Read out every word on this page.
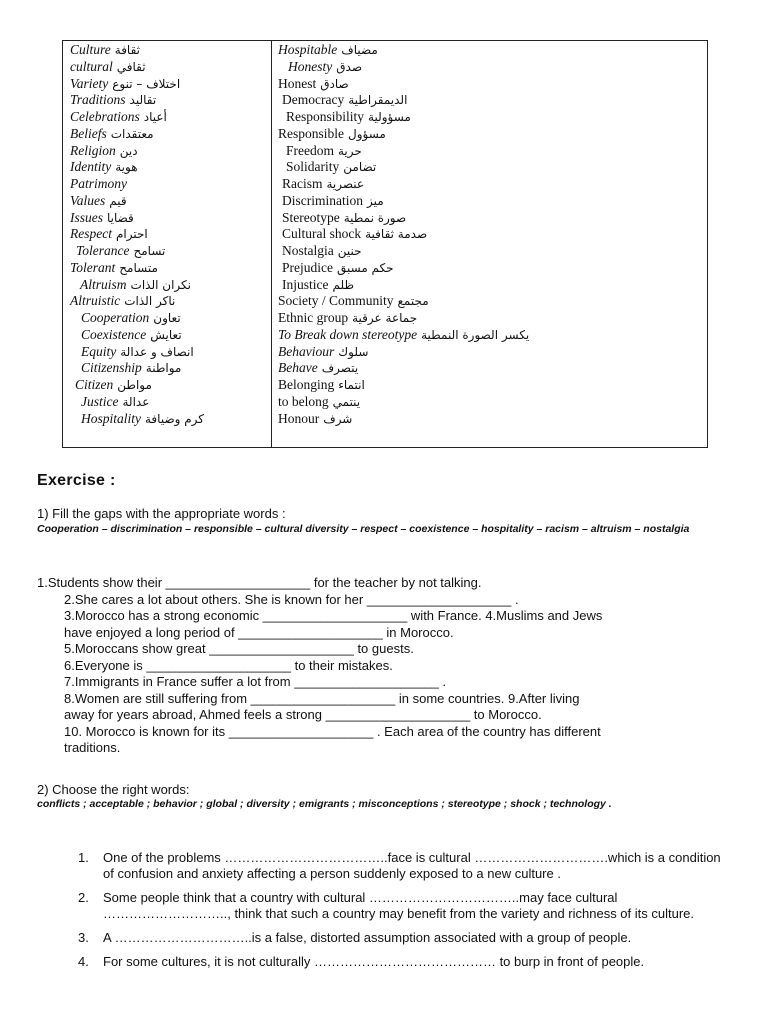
Culture ثقافة
cultural ثقافي
Variety اختلاف – تنوع
Traditions تقاليد
Celebrations أعياد
Beliefs معتقدات
Religion دين
Identity هوية
Patrimony
Values قيم
Issues قضايا
Respect احترام
Tolerance تسامح
Tolerant متسامح
Altruism نكران الذات
Altruistic ناكر الذات
Cooperation تعاون
Coexistence تعايش
Equity انصاف و عدالة
Citizenship مواطنة
Citizen مواطن
Justice عدالة
Hospitality كرم وضيافة
Hospitable مضياف
Honesty صدق
Honest صادق
Democracy الديمقراطية
Responsibility مسؤولية
Responsible مسؤول
Freedom حرية
Solidarity تضامن
Racism عنصرية
Discrimination ميز
Stereotype صورة نمطية
Cultural shock صدمة ثقافية
Nostalgia حنين
Prejudice حكم مسبق
Injustice ظلم
Society / Community مجتمع
Ethnic group جماعة عرقية
To Break down stereotype يكسر الصورة النمطية
Behaviour سلوك
Behave يتصرف
Belonging انتماء
to belong ينتمي
Honour شرف
Exercise :
1) Fill the gaps with the appropriate words :
Cooperation – discrimination – responsible – cultural diversity – respect – coexistence – hospitality – racism – altruism – nostalgia

1.Students show their ____________________ for the teacher by not talking.

2.She cares a lot about others. She is known for her ____________________ .

3.Morocco has a strong economic ____________________ with France. 4.Muslims and Jews

have enjoyed a long period of ____________________ in Morocco.

5.Moroccans show great ____________________ to guests.

6.Everyone is ____________________ to their mistakes.

7.Immigrants in France suffer a lot from ____________________ .

8.Women are still suffering from ____________________ in some countries. 9.After living

away for years abroad, Ahmed feels a strong ____________________ to Morocco.

10. Morocco is known for its ____________________ . Each area of the country has different

traditions.

2) Choose the right words:
conflicts ; acceptable ; behavior ; global ; diversity ; emigrants ; misconceptions ; stereotype ; shock ; technology .
1.	One of the problems ………………………………..face is cultural ………………………….which is a condition of confusion and anxiety affecting a person suddenly exposed to a new culture .
2.	Some people think that a country with cultural ……………………………..may face cultural ……………………….., think that such a country may benefit from the variety and richness of its culture.
3.	A …………………………..is a false, distorted assumption associated with a group of people.
4.	For some cultures, it is not culturally …………………………………… to burp in front of people.
